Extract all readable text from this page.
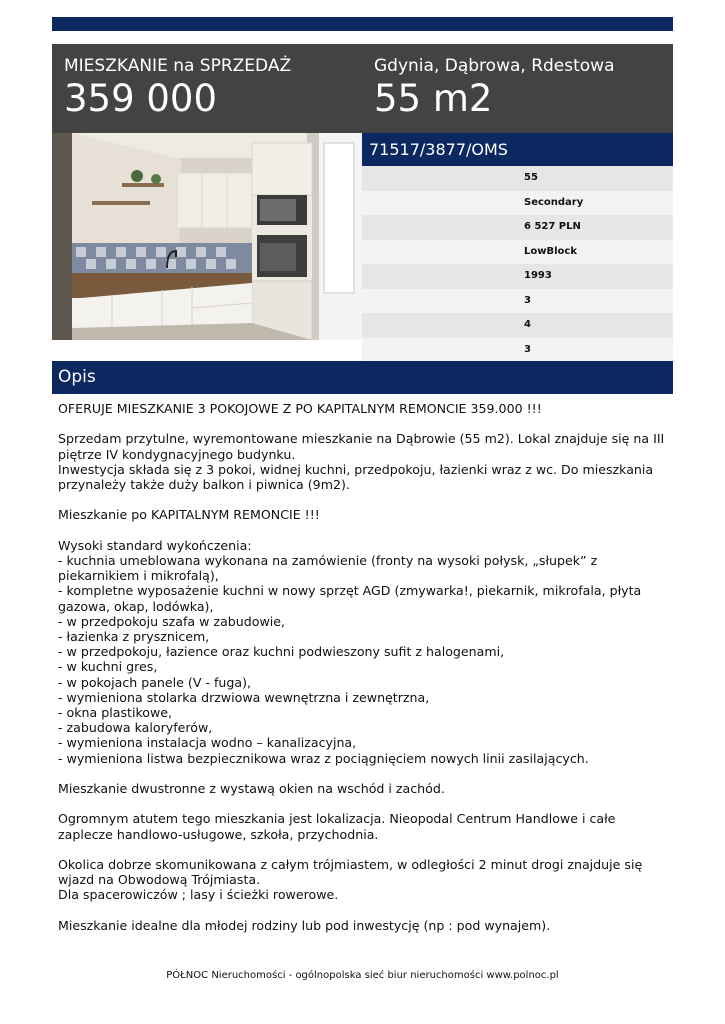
MIESZKANIE na SPRZEDAŻ
359 000
Gdynia, Dąbrowa, Rdestowa
55 m2
71517/3877/OMS
55
Secondary
6 527 PLN
LowBlock
1993
3
4
3
Opis

OFERUJE MIESZKANIE 3 POKOJOWE Z PO KAPITALNYM REMONCIE 359.000 !!!

Sprzedam przytulne, wyremontowane mieszkanie na Dąbrowie (55 m2). Lokal znajduje się na III piętrze IV kondygnacyjnego budynku.

Inwestycja składa się z 3 pokoi, widnej kuchni, przedpokoju, łazienki wraz z wc. Do mieszkania przynależy także duży balkon i piwnica (9m2).

Mieszkanie po KAPITALNYM REMONCIE !!!

Wysoki standard wykończenia:

- kuchnia umeblowana wykonana na zamówienie (fronty na wysoki połysk, „słupek” z piekarnikiem i mikrofalą),

- kompletne wyposażenie kuchni w nowy sprzęt AGD (zmywarka!, piekarnik, mikrofala, płyta gazowa, okap, lodówka),

- w przedpokoju szafa w zabudowie,

- łazienka z prysznicem,

- w przedpokoju, łazience oraz kuchni podwieszony sufit z halogenami,

- w kuchni gres,

- w pokojach panele (V - fuga),

- wymieniona stolarka drzwiowa wewnętrzna i zewnętrzna,

- okna plastikowe,

- zabudowa kaloryferów,

- wymieniona instalacja wodno – kanalizacyjna,

- wymieniona listwa bezpiecznikowa wraz z pociągnięciem nowych linii zasilających.

Mieszkanie dwustronne z wystawą okien na wschód i zachód.

Ogromnym atutem tego mieszkania jest lokalizacja. Nieopodal Centrum Handlowe i całe zaplecze handlowo-usługowe, szkoła, przychodnia.

Okolica dobrze skomunikowana z całym trójmiastem, w odległości 2 minut drogi znajduje się wjazd na Obwodową Trójmiasta.

Dla spacerowiczów ; lasy i ścieżki rowerowe.

Mieszkanie idealne dla młodej rodziny lub pod inwestycję (np : pod wynajem).

PÓŁNOC Nieruchomości - ogólnopolska sieć biur nieruchomości www.polnoc.pl
